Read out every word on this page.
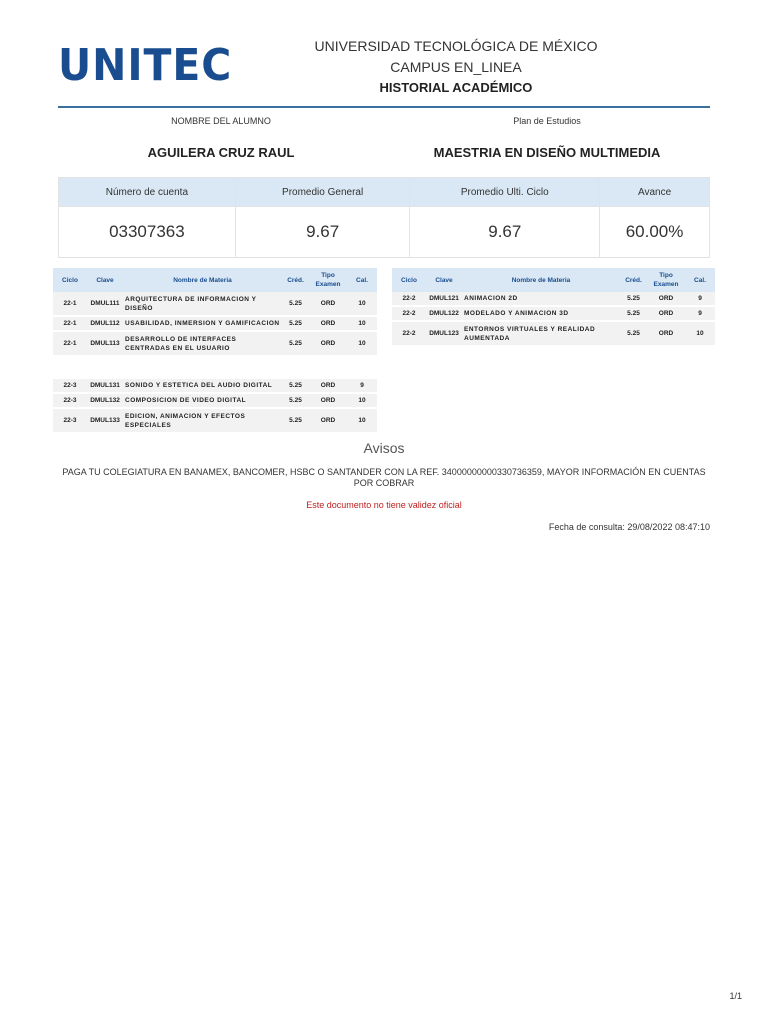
UNITEC	UNIVERSIDAD TECNOLÓGICA DE MÉXICO
CAMPUS EN_LINEA
HISTORIAL ACADÉMICO
NOMBRE DEL ALUMNO	Plan de Estudios
AGUILERA CRUZ RAUL	MAESTRIA EN DISEÑO MULTIMEDIA
Número de cuenta	Promedio General	Promedio Ulti. Ciclo	Avance
03307363	9.67	9.67	60.00%
Ciclo	Clave	Nombre de Materia	Créd.	Tipo
Examen	Cal.
22-1	DMUL111	ARQUITECTURA DE INFORMACION Y DISEÑO	5.25	ORD	10
22-1	DMUL112	USABILIDAD, INMERSION Y GAMIFICACION	5.25	ORD	10
22-1	DMUL113	DESARROLLO DE INTERFACES CENTRADAS EN EL USUARIO	5.25	ORD	10

22-3	DMUL131	SONIDO Y ESTETICA DEL AUDIO DIGITAL	5.25	ORD	9
22-3	DMUL132	COMPOSICION DE VIDEO DIGITAL	5.25	ORD	10
22-3	DMUL133	EDICION, ANIMACION Y EFECTOS ESPECIALES	5.25	ORD	10
Ciclo	Clave	Nombre de Materia	Créd.	Tipo
Examen	Cal.
22-2	DMUL121	ANIMACION 2D	5.25	ORD	9
22-2	DMUL122	MODELADO Y ANIMACION 3D	5.25	ORD	9
22-2	DMUL123	ENTORNOS VIRTUALES Y REALIDAD AUMENTADA	5.25	ORD	10
Avisos
PAGA TU COLEGIATURA EN BANAMEX, BANCOMER, HSBC O SANTANDER CON LA REF. 34000000000330736359, MAYOR INFORMACIÓN EN CUENTAS POR COBRAR
Este documento no tiene validez oficial
Fecha de consulta: 29/08/2022 08:47:10
1/1
